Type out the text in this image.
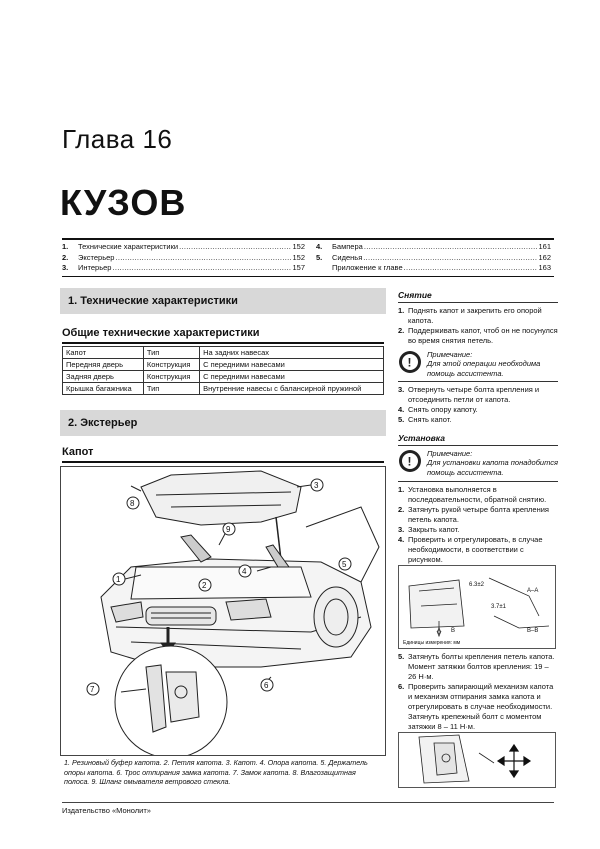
Глава 16
КУЗОВ
1.	Технические характеристики .....	152
2.	Экстерьер .....	152
3.	Интерьер .....	157
4.	Бампера .....	161
5.	Сиденья .....	162
Приложение к главе .....	163
1. Технические характеристики
Общие технические характеристики
Капот	Тип	На задних навесах
Передняя дверь	Конструкция	С передними навесами
Задняя дверь	Конструкция	С передними навесами
Крышка багажника	Тип	Внутренние навесы с балансирной пружиной
2. Экстерьер
Капот
1
2
3
4
5
6
7
8
9
1. Резиновый буфер капота. 2. Петля капота. 3. Капот. 4. Опора капота. 5. Держатель опоры капота. 6. Трос отпирания замка капота. 7. Замок капота. 8. Влагозащитная полоса. 9. Шланг омывателя ветрового стекла.
Издательство «Монолит»
Снятие
1. Поднять капот и закрепить его опорой капота.
2. Поддерживать капот, чтоб он не посунулся во время снятия петель.
!
Примечание:
Для этой операции необходима помощь ассистента.
3. Отвернуть четыре болта крепления и отсоединить петли от капота.
4. Снять опору капоту.
5. Снять капот.
Установка
!
Примечание:
Для установки капота понадобится помощь ассистента.
1. Установка выполняется в последовательности, обратной снятию.
2. Затянуть рукой четыре болта крепления петель капота.
3. Закрыть капот.
4. Проверить и отрегулировать, в случае необходимости, в соответствии с рисунком.
6.3±2
A–A
3.7±1
B–B
A B
Единицы измерения: мм
5. Затянуть болты крепления петель капота. Момент затяжки болтов крепления: 19 – 26 Н·м.
6. Проверить запирающий механизм капота и механизм отпирания замка капота и отрегулировать в случае необходимости. Затянуть крепежный болт с моментом затяжки 8 – 11 Н·м.
